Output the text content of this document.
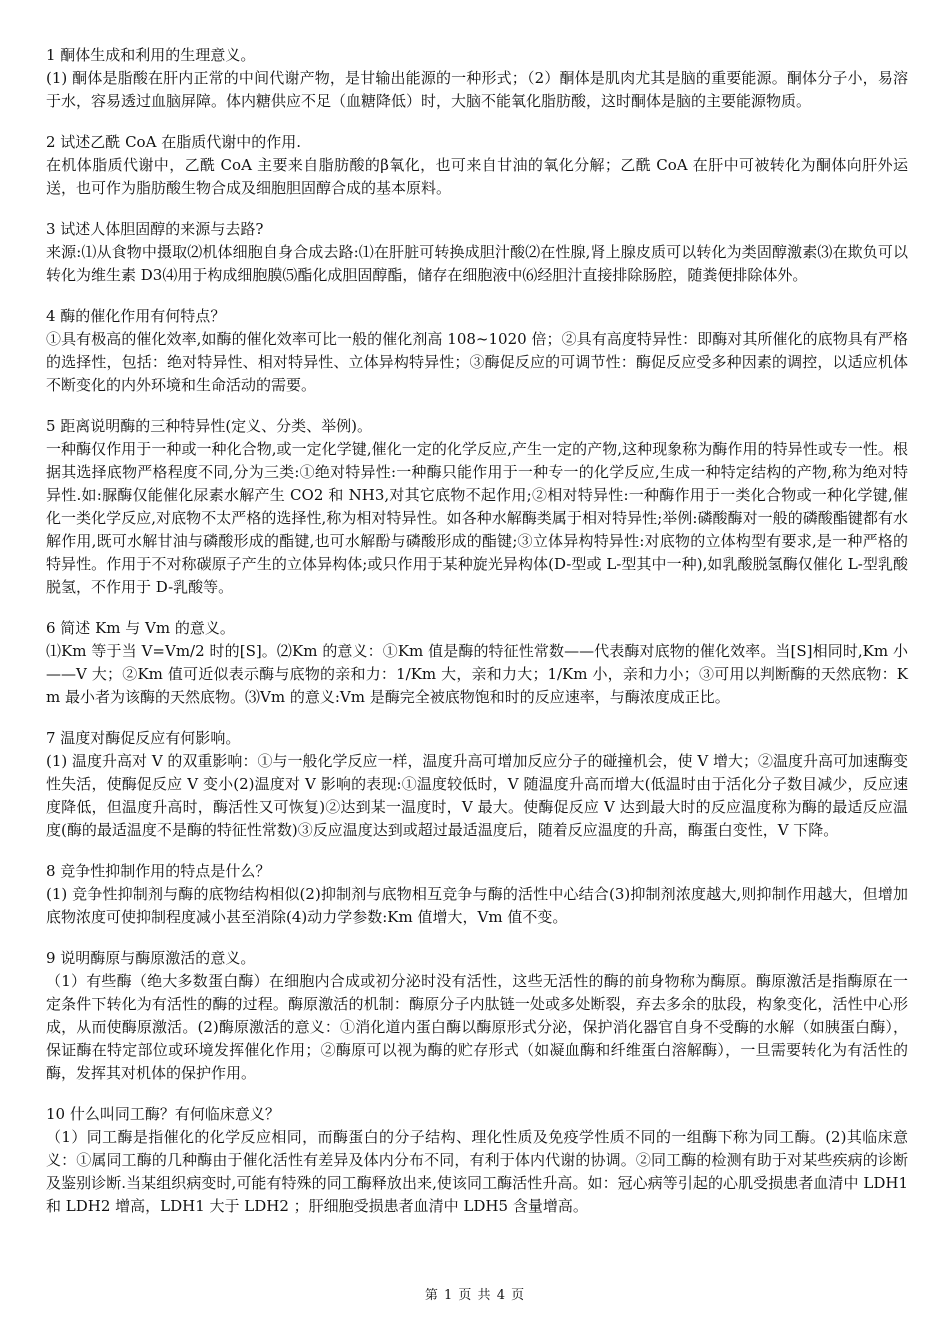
1 酮体生成和利用的生理意义。

(1) 酮体是脂酸在肝内正常的中间代谢产物，是甘输出能源的一种形式；（2）酮体是肌肉尤其是脑的重要能源。酮体分子小，易溶于水，容易透过血脑屏障。体内糖供应不足（血糖降低）时，大脑不能氧化脂肪酸，这时酮体是脑的主要能源物质。

2 试述乙酰 CoA 在脂质代谢中的作用.

在机体脂质代谢中，乙酰 CoA 主要来自脂肪酸的β氧化，也可来自甘油的氧化分解；乙酰 CoA 在肝中可被转化为酮体向肝外运送，也可作为脂肪酸生物合成及细胞胆固醇合成的基本原料。

3 试述人体胆固醇的来源与去路?

来源:⑴从食物中摄取⑵机体细胞自身合成去路:⑴在肝脏可转换成胆汁酸⑵在性腺,肾上腺皮质可以转化为类固醇激素⑶在欺负可以转化为维生素 D3⑷用于构成细胞膜⑸酯化成胆固醇酯，储存在细胞液中⑹经胆汁直接排除肠腔，随粪便排除体外。

4 酶的催化作用有何特点？

①具有极高的催化效率,如酶的催化效率可比一般的催化剂高 108~1020 倍；②具有高度特异性：即酶对其所催化的底物具有严格的选择性，包括：绝对特异性、相对特异性、立体异构特异性；③酶促反应的可调节性：酶促反应受多种因素的调控，以适应机体不断变化的内外环境和生命活动的需要。

5 距离说明酶的三种特异性(定义、分类、举例)。

一种酶仅作用于一种或一种化合物,或一定化学键,催化一定的化学反应,产生一定的产物,这种现象称为酶作用的特异性或专一性。根据其选择底物严格程度不同,分为三类:①绝对特异性:一种酶只能作用于一种专一的化学反应,生成一种特定结构的产物,称为绝对特异性.如:脲酶仅能催化尿素水解产生 CO2 和 NH3,对其它底物不起作用;②相对特异性:一种酶作用于一类化合物或一种化学键,催化一类化学反应,对底物不太严格的选择性,称为相对特异性。如各种水解酶类属于相对特异性;举例:磷酸酶对一般的磷酸酯键都有水解作用,既可水解甘油与磷酸形成的酯键,也可水解酚与磷酸形成的酯键;③立体异构特异性:对底物的立体构型有要求,是一种严格的特异性。作用于不对称碳原子产生的立体异构体;或只作用于某种旋光异构体(D-型或 L-型其中一种),如乳酸脱氢酶仅催化 L-型乳酸脱氢，不作用于 D-乳酸等。

6 简述 Km 与 Vm 的意义。

⑴Km 等于当 V=Vm/2 时的[S]。⑵Km 的意义：①Km 值是酶的特征性常数——代表酶对底物的催化效率。当[S]相同时,Km 小——V 大；②Km 值可近似表示酶与底物的亲和力：1/Km 大，亲和力大；1/Km 小，亲和力小；③可用以判断酶的天然底物：Km 最小者为该酶的天然底物。⑶Vm 的意义:Vm 是酶完全被底物饱和时的反应速率，与酶浓度成正比。

7 温度对酶促反应有何影响。

(1) 温度升高对 V 的双重影响：①与一般化学反应一样，温度升高可增加反应分子的碰撞机会，使 V 增大；②温度升高可加速酶变性失活，使酶促反应 V 变小(2)温度对 V 影响的表现:①温度较低时，V 随温度升高而增大(低温时由于活化分子数目减少，反应速度降低，但温度升高时，酶活性又可恢复)②达到某一温度时，V 最大。使酶促反应 V 达到最大时的反应温度称为酶的最适反应温度(酶的最适温度不是酶的特征性常数)③反应温度达到或超过最适温度后，随着反应温度的升高，酶蛋白变性，V 下降。

8 竞争性抑制作用的特点是什么？

(1) 竞争性抑制剂与酶的底物结构相似(2)抑制剂与底物相互竞争与酶的活性中心结合(3)抑制剂浓度越大,则抑制作用越大，但增加底物浓度可使抑制程度减小甚至消除(4)动力学参数:Km 值增大，Vm 值不变。

9 说明酶原与酶原激活的意义。

（1）有些酶（绝大多数蛋白酶）在细胞内合成或初分泌时没有活性，这些无活性的酶的前身物称为酶原。酶原激活是指酶原在一定条件下转化为有活性的酶的过程。酶原激活的机制：酶原分子内肽链一处或多处断裂，弃去多余的肽段，构象变化，活性中心形成，从而使酶原激活。(2)酶原激活的意义：①消化道内蛋白酶以酶原形式分泌，保护消化器官自身不受酶的水解（如胰蛋白酶），保证酶在特定部位或环境发挥催化作用；②酶原可以视为酶的贮存形式（如凝血酶和纤维蛋白溶解酶），一旦需要转化为有活性的酶，发挥其对机体的保护作用。

10 什么叫同工酶？有何临床意义？

（1）同工酶是指催化的化学反应相同，而酶蛋白的分子结构、理化性质及免疫学性质不同的一组酶下称为同工酶。(2)其临床意义：①属同工酶的几种酶由于催化活性有差异及体内分布不同，有利于体内代谢的协调。②同工酶的检测有助于对某些疾病的诊断及鉴别诊断.当某组织病变时,可能有特殊的同工酶释放出来,使该同工酶活性升高。如：冠心病等引起的心肌受损患者血清中 LDH1 和 LDH2 增高，LDH1 大于 LDH2 ；肝细胞受损患者血清中 LDH5 含量增高。

第 1 页 共 4 页
